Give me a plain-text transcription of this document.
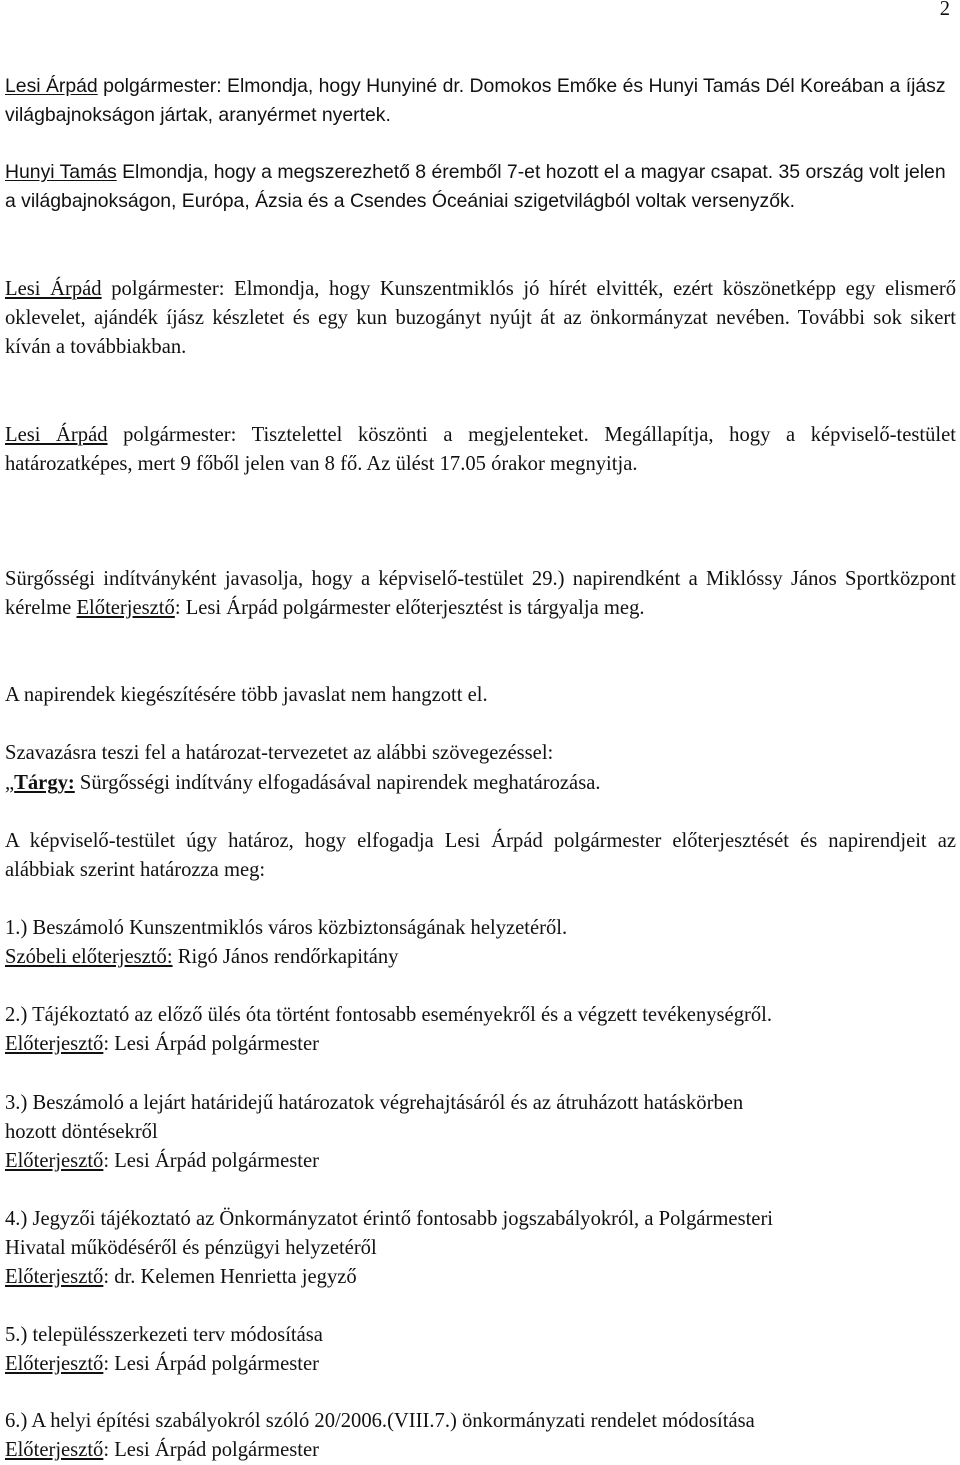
2

Lesi Árpád polgármester: Elmondja, hogy Hunyiné dr. Domokos Emőke és Hunyi Tamás Dél Koreában a íjász világbajnokságon jártak, aranyérmet nyertek.

Hunyi Tamás Elmondja, hogy a megszerezhető 8 éremből 7-et hozott el a magyar csapat. 35 ország volt jelen a világbajnokságon, Európa, Ázsia és a Csendes Óceániai szigetvilágból voltak versenyzők.

Lesi Árpád polgármester: Elmondja, hogy Kunszentmiklós jó hírét elvitték, ezért köszönetképp egy elismerő oklevelet, ajándék íjász készletet és egy kun buzogányt nyújt át az önkormányzat nevében. További sok sikert kíván a továbbiakban.

Lesi Árpád polgármester: Tisztelettel köszönti a megjelenteket. Megállapítja, hogy a képviselő-testület határozatképes, mert 9 főből jelen van 8 fő. Az ülést 17.05 órakor megnyitja.

Sürgősségi indítványként javasolja, hogy a képviselő-testület 29.) napirendként a Miklóssy János Sportközpont kérelme Előterjesztő: Lesi Árpád polgármester előterjesztést is tárgyalja meg.

A napirendek kiegészítésére több javaslat nem hangzott el.
Szavazásra teszi fel a határozat-tervezetet az alábbi szövegezéssel:
„Tárgy: Sürgősségi indítvány elfogadásával napirendek meghatározása.

A képviselő-testület úgy határoz, hogy elfogadja Lesi Árpád polgármester előterjesztését és napirendjeit az alábbiak szerint határozza meg:

1.) Beszámoló Kunszentmiklós város közbiztonságának helyzetéről.
Szóbeli előterjesztő: Rigó János rendőrkapitány
2.) Tájékoztató az előző ülés óta történt fontosabb eseményekről és a végzett tevékenységről.
Előterjesztő: Lesi Árpád polgármester
3.) Beszámoló a lejárt határidejű határozatok végrehajtásáról és az átruházott hatáskörben
hozott döntésekről
Előterjesztő: Lesi Árpád polgármester
4.) Jegyzői tájékoztató az Önkormányzatot érintő fontosabb jogszabályokról, a Polgármesteri
Hivatal működéséről és pénzügyi helyzetéről
Előterjesztő: dr. Kelemen Henrietta jegyző
5.) településszerkezeti terv módosítása
Előterjesztő: Lesi Árpád polgármester
6.) A helyi építési szabályokról szóló 20/2006.(VIII.7.) önkormányzati rendelet módosítása
Előterjesztő: Lesi Árpád polgármester
